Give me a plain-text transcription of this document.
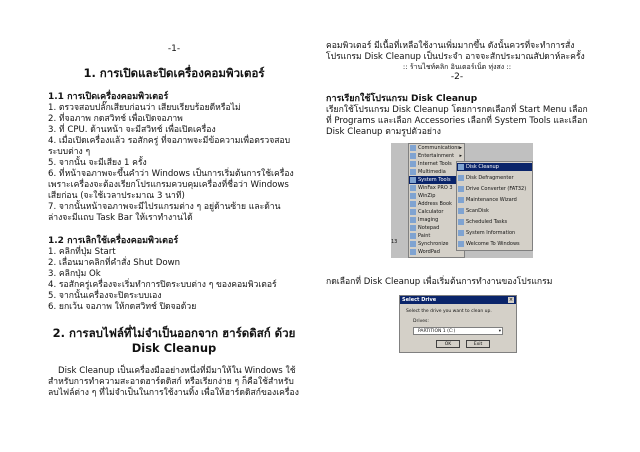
-1-
1. การเปิดและปิดเครื่องคอมพิวเตอร์
1.1 การเปิดเครื่องคอมพิวเตอร์
1. ตรวจสอบปลั๊กเสียบก่อนว่า เสียบเรียบร้อยดีหรือไม่
2. ที่จอภาพ กดสวิทช์ เพื่อเปิดจอภาพ
3. ที่ CPU. ด้านหน้า จะมีสวิทช์ เพื่อเปิดเครื่อง
4. เมื่อเปิดเครื่องแล้ว รอสักครู่ ที่จอภาพจะมีข้อความเพื่อตรวจสอบ
ระบบต่าง ๆ
5. จากนั้น จะมีเสียง 1 ครั้ง
6. ที่หน้าจอภาพจะขึ้นคำว่า Windows เป็นการเริ่มต้นการใช้เครื่อง
เพราะเครื่องจะต้องเรียกโปรแกรมควบคุมเครื่องที่ชื่อว่า Windows
เสียก่อน (จะใช้เวลาประมาณ 3 นาที)
7. จากนั้นหน้าจอภาพจะมีไปรแกรมต่าง ๆ อยู่ด้านซ้าย และด้าน
ล่างจะมีแถบ Task Bar ให้เราทำงานได้
1.2 การเลิกใช้เครื่องคอมพิวเตอร์
1. คลิกที่ปุ่ม Start
2. เลื่อนมาคลิกที่คำสั่ง Shut Down
3. คลิกปุ่ม Ok
4. รอสักครู่เครื่องจะเริ่มทำการปิดระบบต่าง ๆ ของคอมพิวเตอร์
5. จากนั้นเครื่องจะปิดระบบเอง
6. ยกเว้น จอภาพ ให้กดสวิทช์ ปิดจอด้วย
2. การลบไฟล์ที่ไม่จำเป็นออกจาก ฮาร์ดดิสก์ ด้วย Disk Cleanup
Disk Cleanup เป็นเครื่องมืออย่างหนึ่งที่มีมาให้ใน Windows ใช้สำหรับการทำความสะอาดฮาร์ดดิสก์ หรือเรียกง่าย ๆ ก็คือใช้สำหรับลบไฟล์ต่าง ๆ ที่ไม่จำเป็นในการใช้งานทิ้ง เพื่อให้ฮาร์ดดิสก์ของเครื่อง
คอมพิวเตอร์ มีเนื้อที่เหลือใช้งานเพิ่มมากขึ้น ดังนั้นควรที่จะทำการสั่ง
โปรแกรม Disk Cleanup เป็นประจำ อาจจะสักประมาณสัปดาห์ละครั้ง
:: ร้านไชท์คลิก อินเตอร์เน็ต ทุ่งสง ::
-2-
การเรียกใช้โปรแกรม Disk Cleanup
เรียกใช้โปรแกรม Disk Cleanup โดยการกดเลือกที่ Start Menu เลือก
ที่ Programs และเลือก Accessories เลือกที่ System Tools และเลือก
Disk Cleanup ตามรูปตัวอย่าง
กดเลือกที่ Disk Cleanup เพื่อเริ่มต้นการทำงานของโปรแกรม
13
Communications ▸
Entertainment ▸
Internet Tools
Multimedia
System Tools
WinFax PRO 3
WinZip
Address Book
Calculator
Imaging
Notepad
Paint
Synchronize
WordPad
Disk Cleanup
Disk Defragmenter
Drive Converter (FAT32)
Maintenance Wizard
ScanDisk
Scheduled Tasks
System Information
Welcome To Windows
Select Drive	×
Select the drive you want to clean up.
Drives:
PARTITION 1 (C:)	▾
OK	Exit
